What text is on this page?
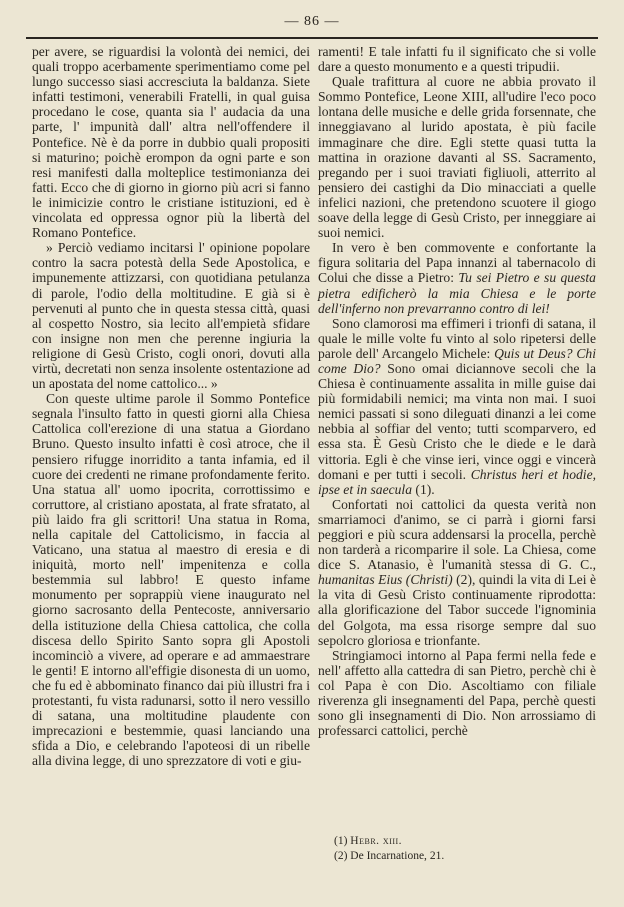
— 86 —

per avere, se riguardisi la volontà dei nemici, dei quali troppo acerbamente sperimentiamo come pel lungo successo siasi accresciuta la baldanza. Siete infatti testimoni, venerabili Fratelli, in qual guisa procedano le cose, quanta sia l' audacia da una parte, l' impunità dall' altra nell'offendere il Pontefice. Nè è da porre in dubbio quali propositi si maturino; poichè erompon da ogni parte e son resi manifesti dalla molteplice testimonianza dei fatti. Ecco che di giorno in giorno più acri si fanno le inimicizie contro le cristiane istituzioni, ed è vincolata ed oppressa ognor più la libertà del Romano Pontefice.

» Perciò vediamo incitarsi l' opinione popolare contro la sacra potestà della Sede Apostolica, e impunemente attizzarsi, con quotidiana petulanza di parole, l'odio della moltitudine. E già si è pervenuti al punto che in questa stessa città, quasi al cospetto Nostro, sia lecito all'empietà sfidare con insigne non men che perenne ingiuria la religione di Gesù Cristo, cogli onori, dovuti alla virtù, decretati non senza insolente ostentazione ad un apostata del nome cattolico... »

Con queste ultime parole il Sommo Pontefice segnala l'insulto fatto in questi giorni alla Chiesa Cattolica coll'erezione di una statua a Giordano Bruno. Questo insulto infatti è così atroce, che il pensiero rifugge inorridito a tanta infamia, ed il cuore dei credenti ne rimane profondamente ferito. Una statua all' uomo ipocrita, corrottissimo e corruttore, al cristiano apostata, al frate sfratato, al più laido fra gli scrittori! Una statua in Roma, nella capitale del Cattolicismo, in faccia al Vaticano, una statua al maestro di eresia e di iniquità, morto nell' impenitenza e colla bestemmia sul labbro! E questo infame monumento per soprappiù viene inaugurato nel giorno sacrosanto della Pentecoste, anniversario della istituzione della Chiesa cattolica, che colla discesa dello Spirito Santo sopra gli Apostoli incominciò a vivere, ad operare e ad ammaestrare le genti! E intorno all'effigie disonesta di un uomo, che fu ed è abbominato financo dai più illustri fra i protestanti, fu vista radunarsi, sotto il nero vessillo di satana, una moltitudine plaudente con imprecazioni e bestemmie, quasi lanciando una sfida a Dio, e celebrando l'apoteosi di un ribelle alla divina legge, di uno sprezzatore di voti e giu-

ramenti! E tale infatti fu il significato che si volle dare a questo monumento e a questi tripudii.

Quale trafittura al cuore ne abbia provato il Sommo Pontefice, Leone XIII, all'udire l'eco poco lontana delle musiche e delle grida forsennate, che inneggiavano al lurido apostata, è più facile immaginare che dire. Egli stette quasi tutta la mattina in orazione davanti al SS. Sacramento, pregando per i suoi traviati figliuoli, atterrito al pensiero dei castighi da Dio minacciati a quelle infelici nazioni, che pretendono scuotere il giogo soave della legge di Gesù Cristo, per inneggiare ai suoi nemici.

In vero è ben commovente e confortante la figura solitaria del Papa innanzi al tabernacolo di Colui che disse a Pietro: Tu sei Pietro e su questa pietra edificherò la mia Chiesa e le porte dell'inferno non prevarranno contro di lei!

Sono clamorosi ma effimeri i trionfi di satana, il quale le mille volte fu vinto al solo ripetersi delle parole dell' Arcangelo Michele: Quis ut Deus? Chi come Dio? Sono omai diciannove secoli che la Chiesa è continuamente assalita in mille guise dai più formidabili nemici; ma vinta non mai. I suoi nemici passati si sono dileguati dinanzi a lei come nebbia al soffiar del vento; tutti scomparvero, ed essa sta. È Gesù Cristo che le diede e le darà vittoria. Egli è che vinse ieri, vince oggi e vincerà domani e per tutti i secoli. Christus heri et hodie, ipse et in saecula (1).

Confortati noi cattolici da questa verità non smarriamoci d'animo, se ci parrà i giorni farsi peggiori e più scura addensarsi la procella, perchè non tarderà a ricomparire il sole. La Chiesa, come dice S. Atanasio, è l'umanità stessa di G. C., humanitas Eius (Christi) (2), quindi la vita di Lei è la vita di Gesù Cristo continuamente riprodotta: alla glorificazione del Tabor succede l'ignominia del Golgota, ma essa risorge sempre dal suo sepolcro gloriosa e trionfante.

Stringiamoci intorno al Papa fermi nella fede e nell' affetto alla cattedra di san Pietro, perchè chi è col Papa è con Dio. Ascoltiamo con filiale riverenza gli insegnamenti del Papa, perchè questi sono gli insegnamenti di Dio. Non arrossiamo di professarci cattolici, perchè

(1) Hebr. xiii.
(2) De Incarnatione, 21.
